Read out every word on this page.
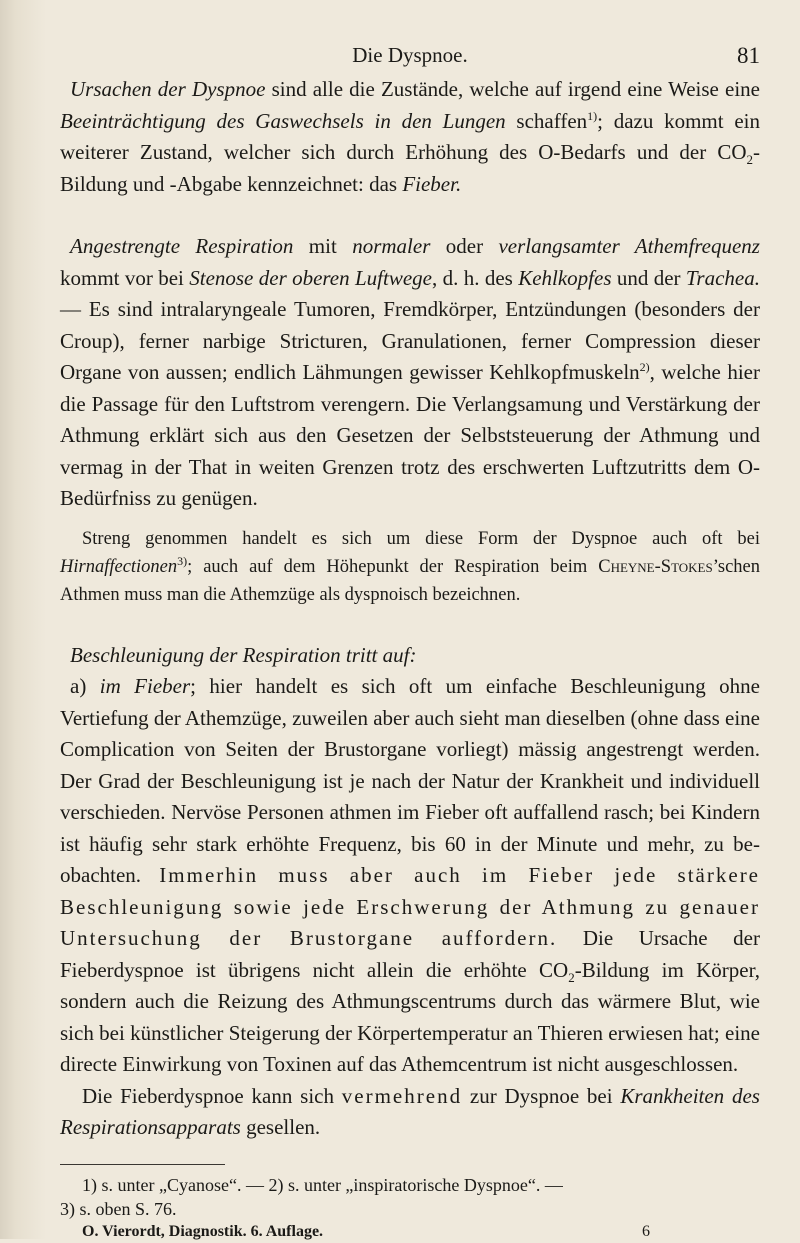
Die Dyspnoe.	81

Ursachen der Dyspnoe sind alle die Zustände, welche auf irgend eine Weise eine Beeinträchtigung des Gaswechsels in den Lungen schaffen$^{1)}$; dazu kommt ein weiterer Zustand, welcher sich durch Erhöhung des O-Bedarfs und der $CO_2$-Bildung und -Abgabe kennzeichnet: das Fieber.

Angestrengte Respiration mit normaler oder verlangsamter Athemfrequenz kommt vor bei Stenose der oberen Luftwege, d. h. des Kehlkopfes und der Trachea. — Es sind intralaryngeale Tumoren, Fremdkörper, Entzündungen (besonders der Croup), ferner narbige Stricturen, Granulationen, ferner Compression dieser Organe von aussen; endlich Lähmungen gewisser Kehlkopfmuskeln$^{2)}$, welche hier die Passage für den Luftstrom verengern. Die Verlangsamung und Verstärkung der Athmung erklärt sich aus den Gesetzen der Selbststeuerung der Athmung und vermag in der That in weiten Grenzen trotz des erschwerten Luftzutritts dem O-Bedürfniss zu genügen.

Streng genommen handelt es sich um diese Form der Dyspnoe auch oft bei Hirnaffectionen$^{3)}$; auch auf dem Höhepunkt der Respiration beim Cheyne-Stokes’schen Athmen muss man die Athemzüge als dyspnoisch bezeichnen.

Beschleunigung der Respiration tritt auf:

a) im Fieber; hier handelt es sich oft um einfache Beschleunigung ohne Vertiefung der Athemzüge, zuweilen aber auch sieht man dieselben (ohne dass eine Complication von Seiten der Brustorgane vorliegt) mässig angestrengt werden. Der Grad der Beschleunigung ist je nach der Natur der Krankheit und individuell verschieden. Nervöse Personen athmen im Fieber oft auffallend rasch; bei Kindern ist häufig sehr stark erhöhte Frequenz, bis 60 in der Minute und mehr, zu beobachten. Immerhin muss aber auch im Fieber jede stärkere Beschleunigung sowie jede Erschwerung der Athmung zu genauer Untersuchung der Brustorgane auffordern. Die Ursache der Fieberdyspnoe ist übrigens nicht allein die erhöhte $CO_2$-Bildung im Körper, sondern auch die Reizung des Athmungscentrums durch das wärmere Blut, wie sich bei künstlicher Steigerung der Körpertemperatur an Thieren erwiesen hat; eine directe Einwirkung von Toxinen auf das Athemcentrum ist nicht ausgeschlossen.

Die Fieberdyspnoe kann sich vermehrend zur Dyspnoe bei Krankheiten des Respirationsapparats gesellen.

1) s. unter „Cyanose“. — 2) s. unter „inspiratorische Dyspnoe“. —
3) s. oben S. 76.
O. Vierordt, Diagnostik. 6. Auflage.	6
